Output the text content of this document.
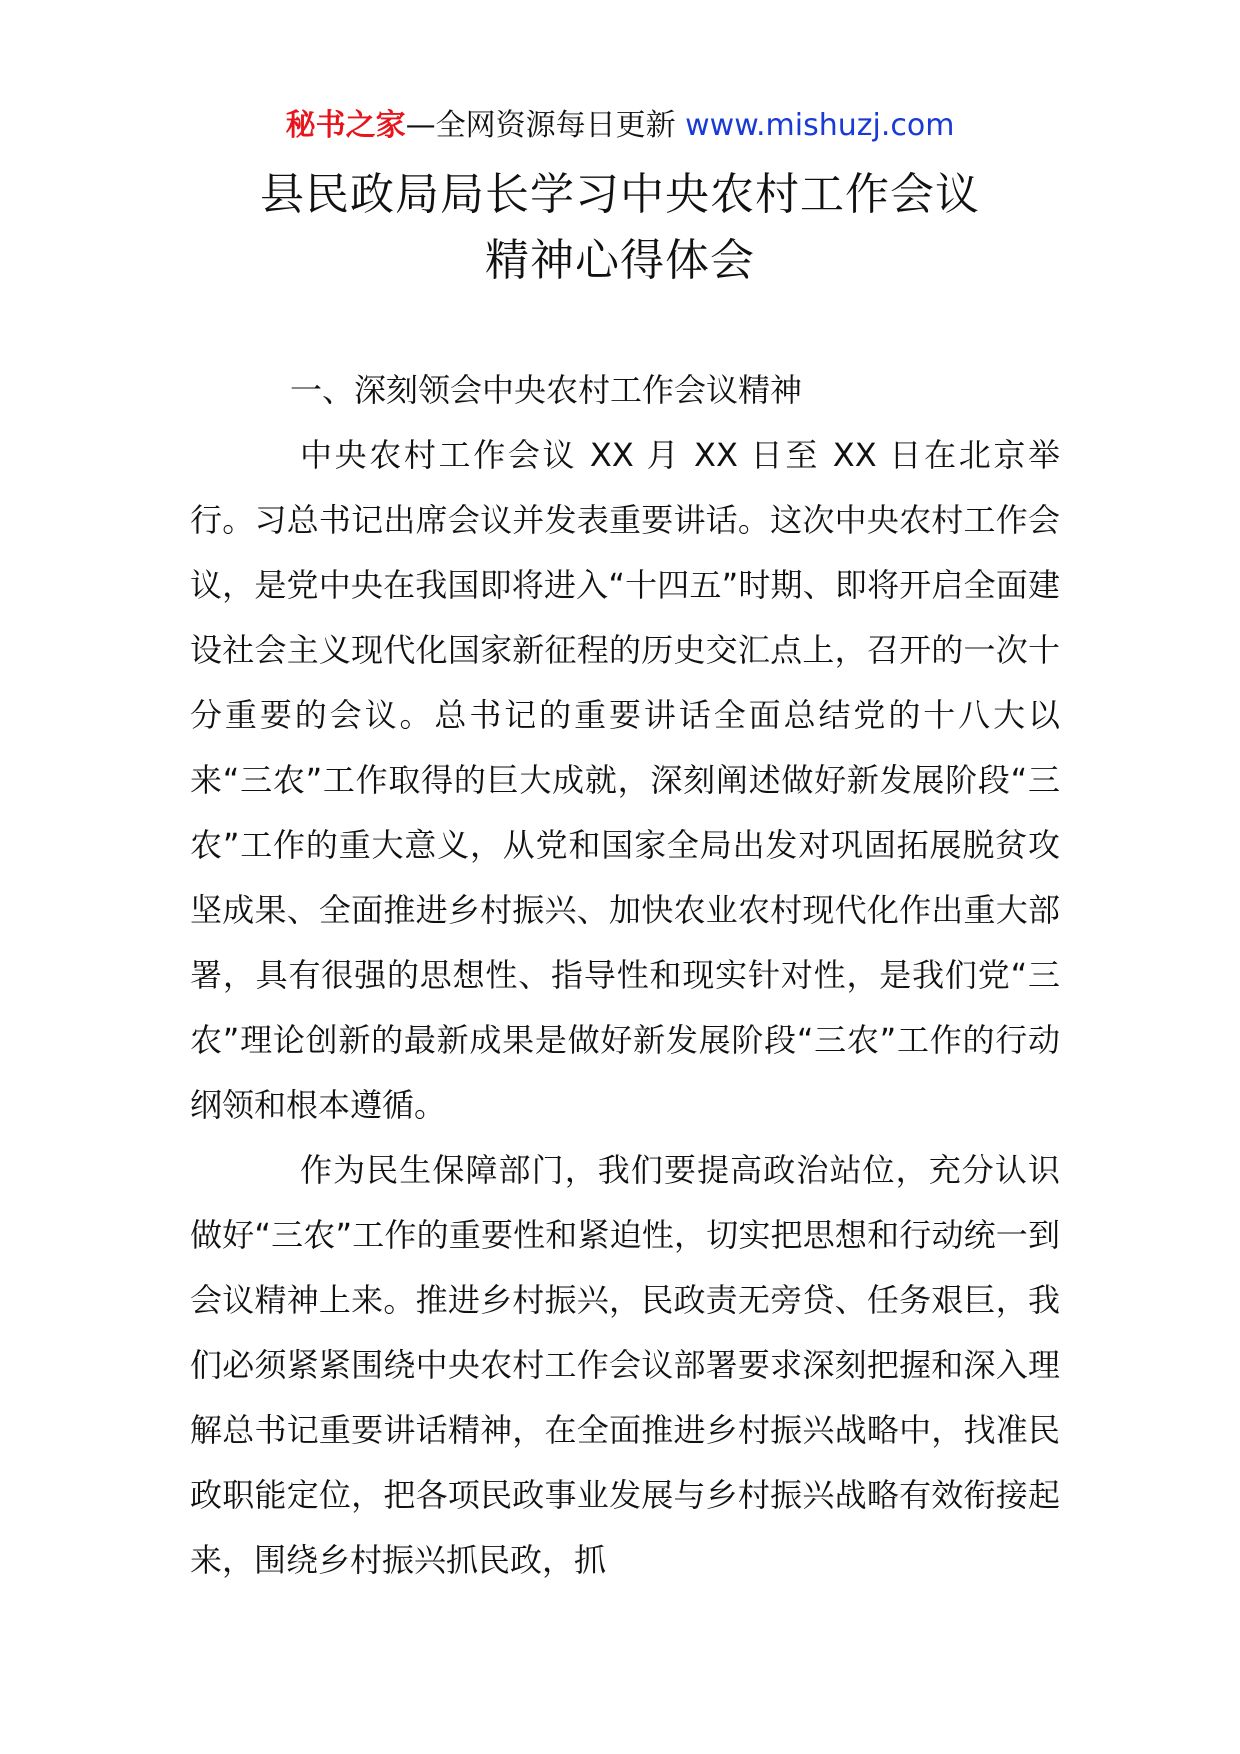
秘书之家—全网资源每日更新 www.mishuzj.com
县民政局局长学习中央农村工作会议
精神心得体会

一、深刻领会中央农村工作会议精神

中央农村工作会议 XX 月 XX 日至 XX 日在北京举行。习总书记出席会议并发表重要讲话。这次中央农村工作会议，是党中央在我国即将进入“十四五”时期、即将开启全面建设社会主义现代化国家新征程的历史交汇点上，召开的一次十分重要的会议。总书记的重要讲话全面总结党的十八大以来“三农”工作取得的巨大成就，深刻阐述做好新发展阶段“三农”工作的重大意义，从党和国家全局出发对巩固拓展脱贫攻坚成果、全面推进乡村振兴、加快农业农村现代化作出重大部署，具有很强的思想性、指导性和现实针对性，是我们党“三农”理论创新的最新成果是做好新发展阶段“三农”工作的行动纲领和根本遵循。

作为民生保障部门，我们要提高政治站位，充分认识做好“三农”工作的重要性和紧迫性，切实把思想和行动统一到会议精神上来。推进乡村振兴，民政责无旁贷、任务艰巨，我们必须紧紧围绕中央农村工作会议部署要求深刻把握和深入理解总书记重要讲话精神，在全面推进乡村振兴战略中，找准民政职能定位，把各项民政事业发展与乡村振兴战略有效衔接起来，围绕乡村振兴抓民政，抓
